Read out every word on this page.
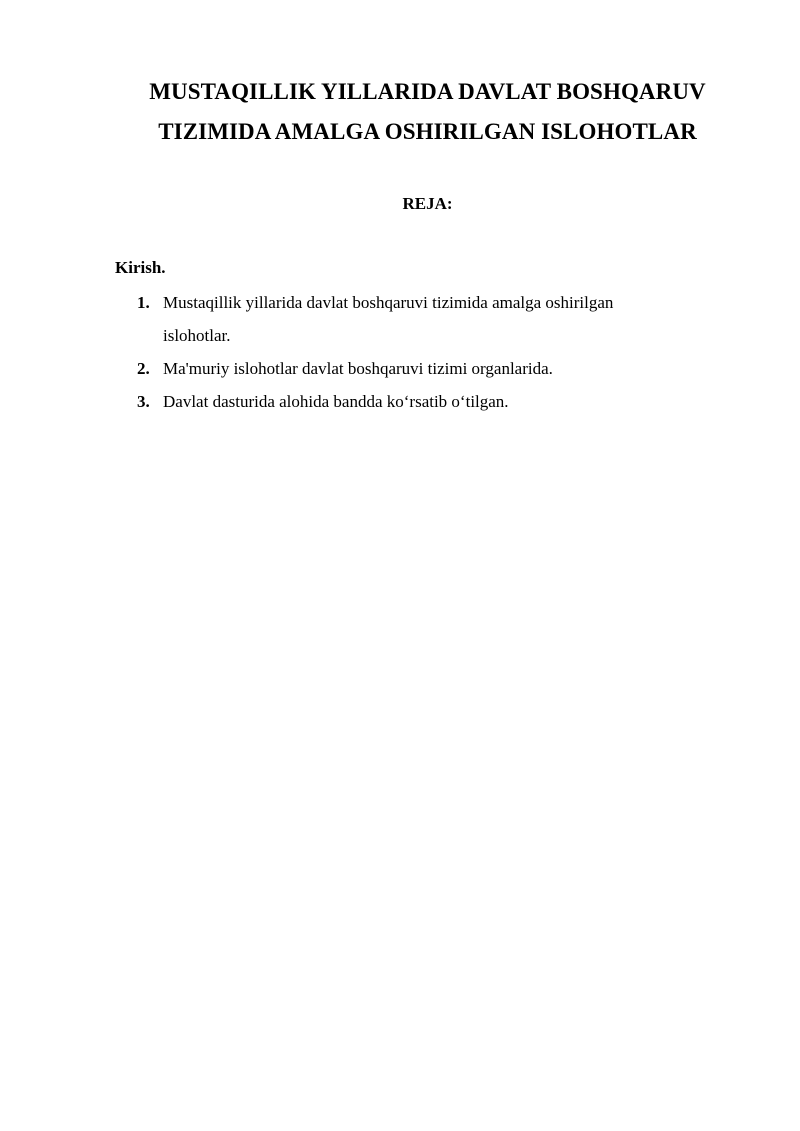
MUSTAQILLIK YILLARIDA DAVLAT BOSHQARUV
TIZIMIDA AMALGA OSHIRILGAN ISLOHOTLAR

REJA:

Kirish.

1. Mustaqillik yillarida davlat boshqaruvi tizimida amalga oshirilgan islohotlar.
2. Ma'muriy islohotlar davlat boshqaruvi tizimi organlarida.
3. Davlat dasturida alohida bandda ko‘rsatib o‘tilgan.
